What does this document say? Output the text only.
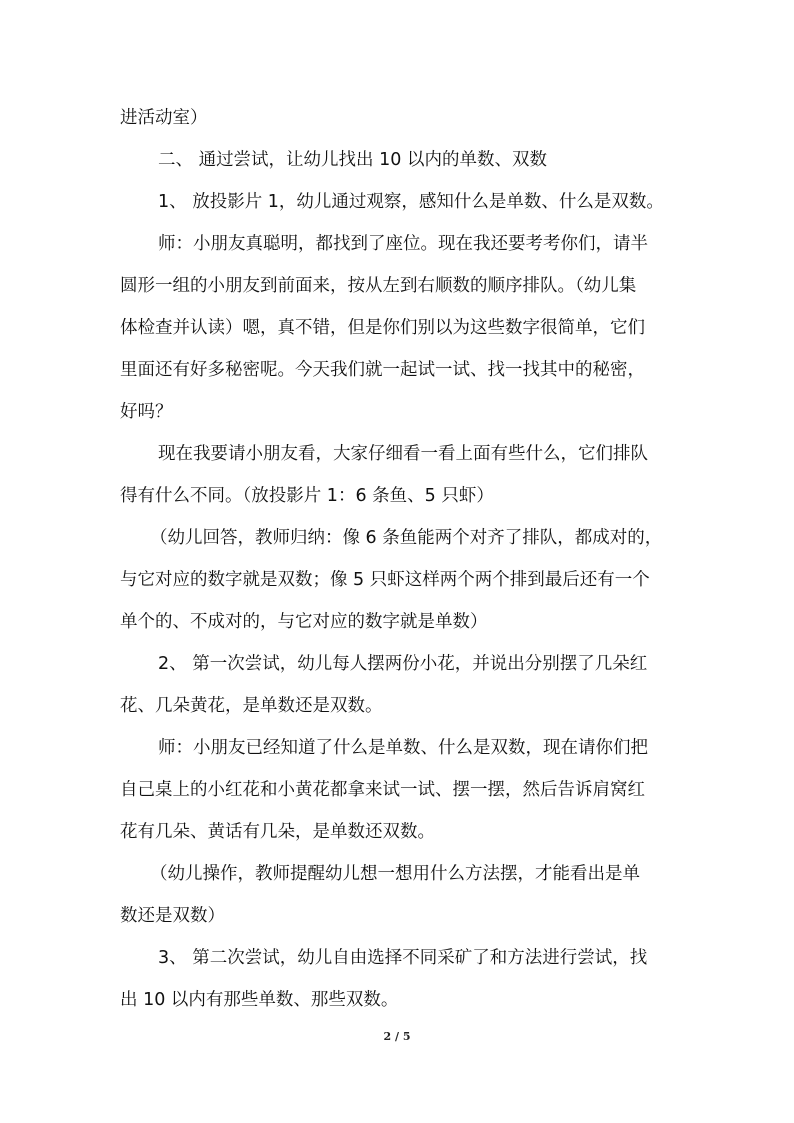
进活动室）
二、 通过尝试，让幼儿找出 10 以内的单数、双数
1、 放投影片 1，幼儿通过观察，感知什么是单数、什么是双数。
师：小朋友真聪明，都找到了座位。现在我还要考考你们，请半
圆形一组的小朋友到前面来，按从左到右顺数的顺序排队。（幼儿集
体检查并认读）嗯，真不错，但是你们别以为这些数字很简单，它们
里面还有好多秘密呢。今天我们就一起试一试、找一找其中的秘密，
好吗？
现在我要请小朋友看，大家仔细看一看上面有些什么，它们排队
得有什么不同。（放投影片 1：6 条鱼、5 只虾）
（幼儿回答，教师归纳：像 6 条鱼能两个对齐了排队，都成对的，
与它对应的数字就是双数；像 5 只虾这样两个两个排到最后还有一个
单个的、不成对的，与它对应的数字就是单数）
2、 第一次尝试，幼儿每人摆两份小花，并说出分别摆了几朵红
花、几朵黄花，是单数还是双数。
师：小朋友已经知道了什么是单数、什么是双数，现在请你们把
自己桌上的小红花和小黄花都拿来试一试、摆一摆，然后告诉肩窝红
花有几朵、黄话有几朵，是单数还双数。
（幼儿操作，教师提醒幼儿想一想用什么方法摆，才能看出是单
数还是双数）
3、 第二次尝试，幼儿自由选择不同采矿了和方法进行尝试，找
出 10 以内有那些单数、那些双数。
2 / 5
